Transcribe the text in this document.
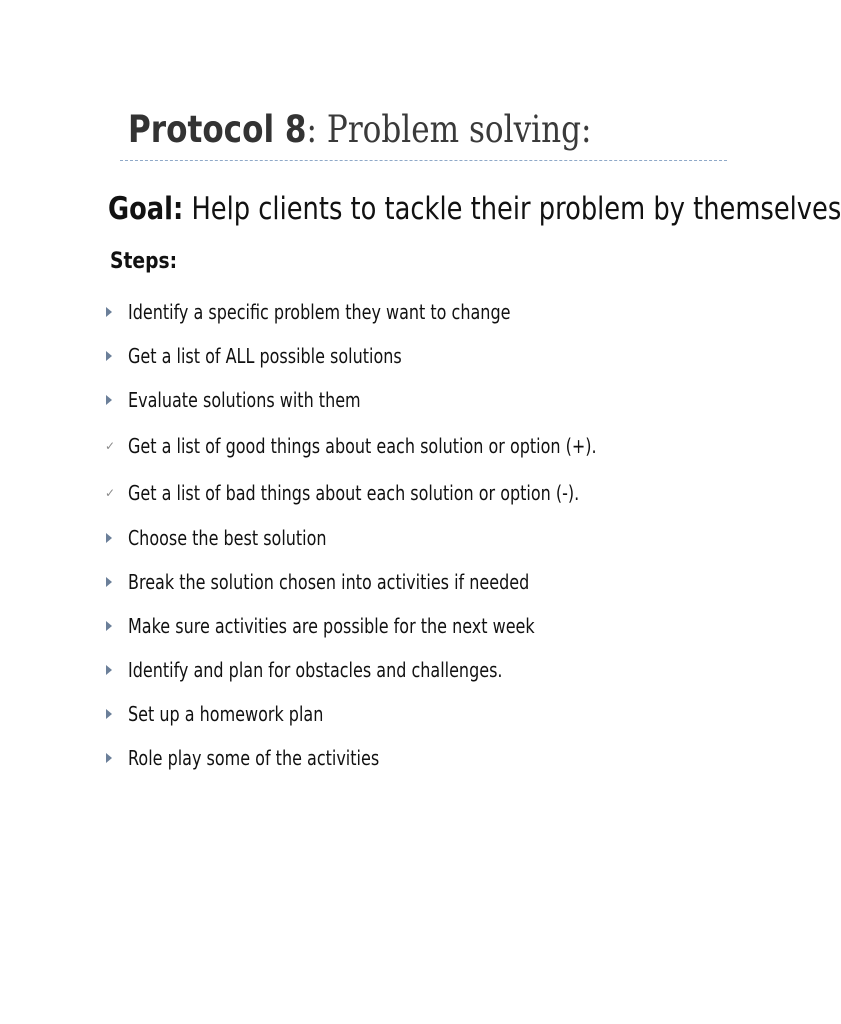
Protocol 8: Problem solving:
Goal: Help clients to tackle their problem by themselves
Steps:
Identify a specific problem they want to change
Get a list of ALL possible solutions
Evaluate solutions with them
✓ Get a list of good things about each solution or option (+).
✓ Get a list of bad things about each solution or option (-).
Choose the best solution
Break the solution chosen into activities if needed
Make sure activities are possible for the next week
Identify and plan for obstacles and challenges.
Set up a homework plan
Role play some of the activities
